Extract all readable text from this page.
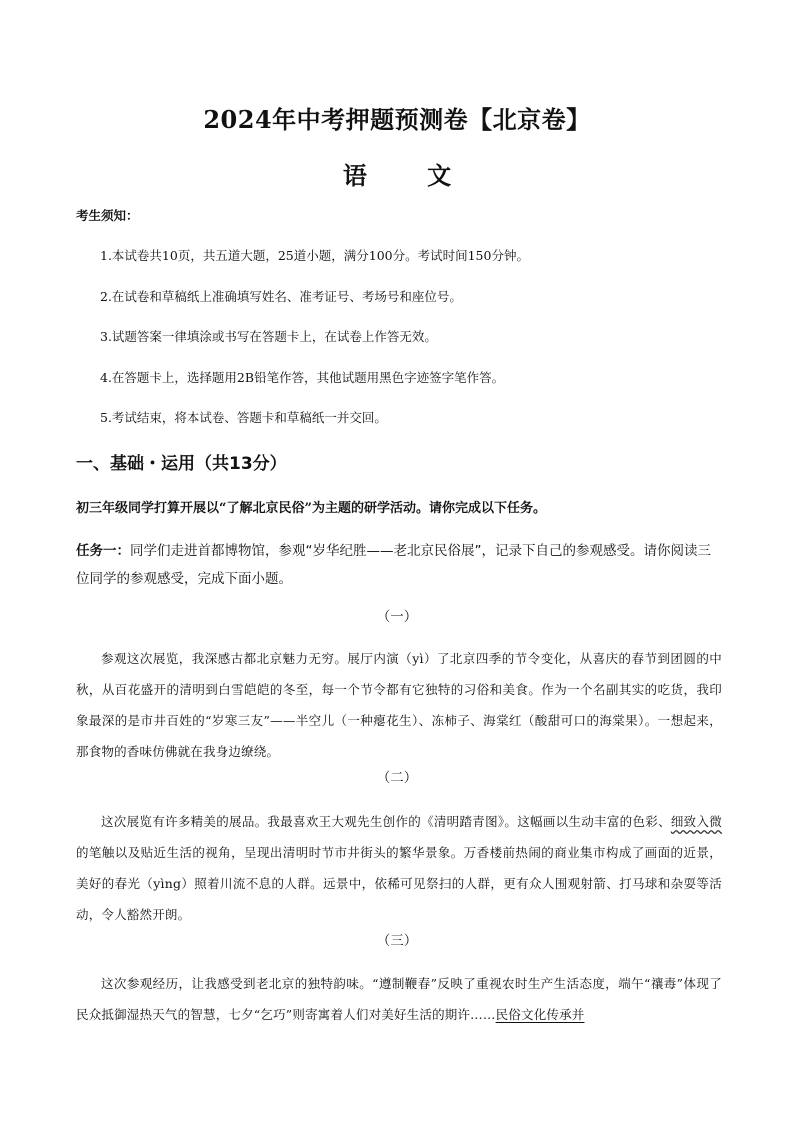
2024年中考押题预测卷【北京卷】
语 文
考生须知：
1.本试卷共10页，共五道大题，25道小题，满分100分。考试时间150分钟。
2.在试卷和草稿纸上准确填写姓名、准考证号、考场号和座位号。
3.试题答案一律填涂或书写在答题卡上，在试卷上作答无效。
4.在答题卡上，选择题用2B铅笔作答，其他试题用黑色字迹签字笔作答。
5.考试结束，将本试卷、答题卡和草稿纸一并交回。
一、基础・运用（共13分）
初三年级同学打算开展以“了解北京民俗”为主题的研学活动。请你完成以下任务。
任务一：同学们走进首都博物馆，参观“岁华纪胜——老北京民俗展”，记录下自己的参观感受。请你阅读三位同学的参观感受，完成下面小题。
（一）
参观这次展览，我深感古都北京魅力无穷。展厅内演（yì）了北京四季的节令变化，从喜庆的春节到团圆的中秋，从百花盛开的清明到白雪皑皑的冬至，每一个节令都有它独特的习俗和美食。作为一个名副其实的吃货，我印象最深的是市井百姓的“岁寒三友”——半空儿（一种瘪花生）、冻柿子、海棠红（酸甜可口的海棠果）。一想起来，那食物的香味仿佛就在我身边缭绕。
（二）
这次展览有许多精美的展品。我最喜欢王大观先生创作的《清明踏青图》。这幅画以生动丰富的色彩、细致入微的笔触以及贴近生活的视角，呈现出清明时节市井街头的繁华景象。万香楼前热闹的商业集市构成了画面的近景，美好的春光（yìng）照着川流不息的人群。远景中，依稀可见祭扫的人群，更有众人围观射箭、打马球和杂耍等活动，令人豁然开朗。
（三）
这次参观经历，让我感受到老北京的独特韵味。“遵制鞭春”反映了重视农时生产生活态度，端午“禳毒”体现了民众抵御湿热天气的智慧，七夕“乞巧”则寄寓着人们对美好生活的期许……民俗文化传承并
